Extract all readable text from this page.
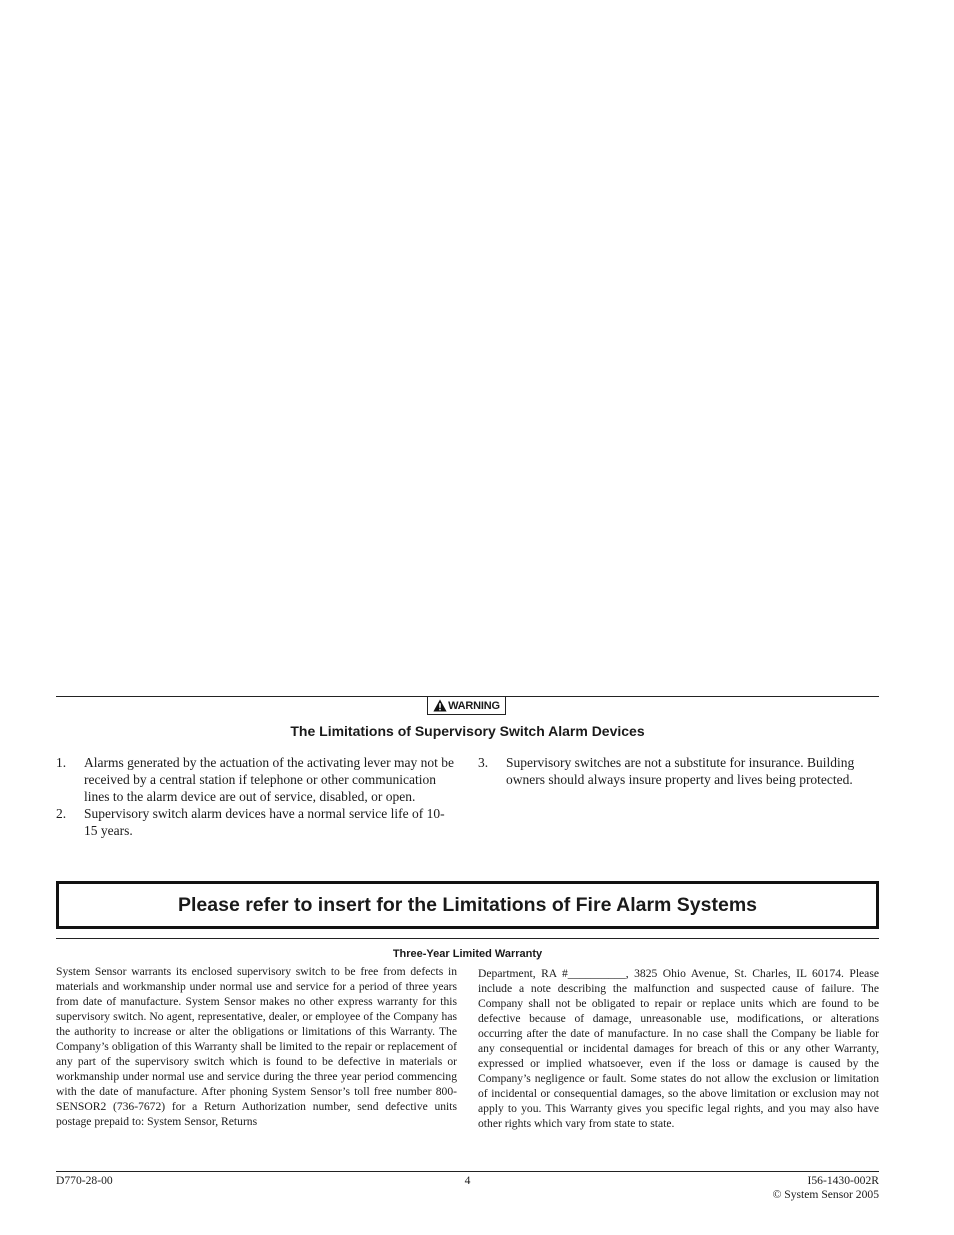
WARNING
The Limitations of Supervisory Switch Alarm Devices
1.	Alarms generated by the actuation of the activating lever may not be received by a central station if telephone or other communication lines to the alarm device are out of service, disabled, or open.
2.	Supervisory switch alarm devices have a normal service life of 10-15 years.
3.	Supervisory switches are not a substitute for insurance. Building owners should always insure property and lives being protected.
Please refer to insert for the Limitations of Fire Alarm Systems
Three-Year Limited Warranty

System Sensor warrants its enclosed supervisory switch to be free from defects in materials and workmanship under normal use and service for a period of three years from date of manufacture. System Sensor makes no other express warranty for this supervisory switch. No agent, representative, dealer, or employee of the Company has the authority to increase or alter the obligations or limitations of this Warranty. The Company’s obligation of this Warranty shall be limited to the repair or replacement of any part of the supervisory switch which is found to be defective in materials or workmanship under normal use and service during the three year period commencing with the date of manufacture. After phoning System Sensor’s toll free number 800-SENSOR2 (736-7672) for a Return Authorization number, send defective units postage prepaid to: System Sensor, Returns

Department, RA #__________, 3825 Ohio Avenue, St. Charles, IL 60174. Please include a note describing the malfunction and suspected cause of failure. The Company shall not be obligated to repair or replace units which are found to be defective because of damage, unreasonable use, modifications, or alterations occurring after the date of manufacture. In no case shall the Company be liable for any consequential or incidental damages for breach of this or any other Warranty, expressed or implied whatsoever, even if the loss or damage is caused by the Company’s negligence or fault. Some states do not allow the exclusion or limitation of incidental or consequential damages, so the above limitation or exclusion may not apply to you. This Warranty gives you specific legal rights, and you may also have other rights which vary from state to state.

D770-28-00	4	I56-1430-002R
© System Sensor 2005
